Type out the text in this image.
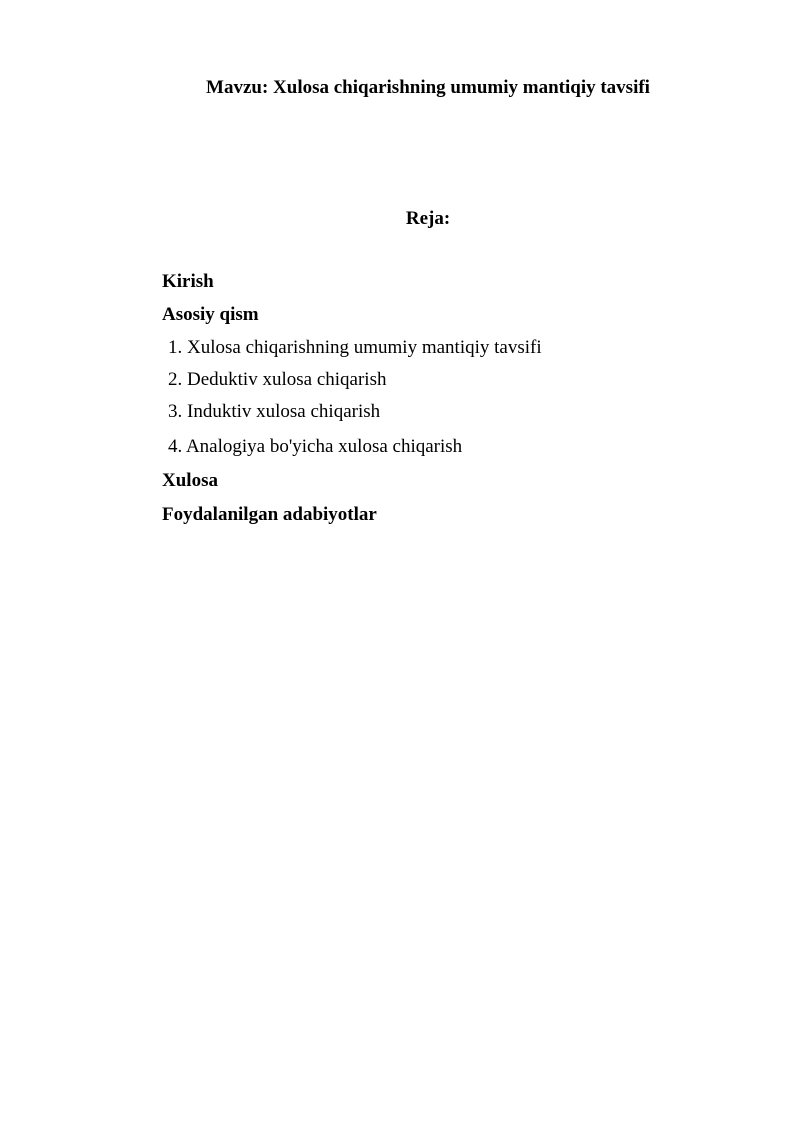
Mavzu: Xulosa chiqarishning umumiy mantiqiy tavsifi
Reja:
Kirish
Asosiy qism
1. Xulosa chiqarishning umumiy mantiqiy tavsifi
2. Deduktiv xulosa chiqarish
3. Induktiv xulosa chiqarish
4. Analogiya bo'yicha xulosa chiqarish
Xulosa
Foydalanilgan adabiyotlar
